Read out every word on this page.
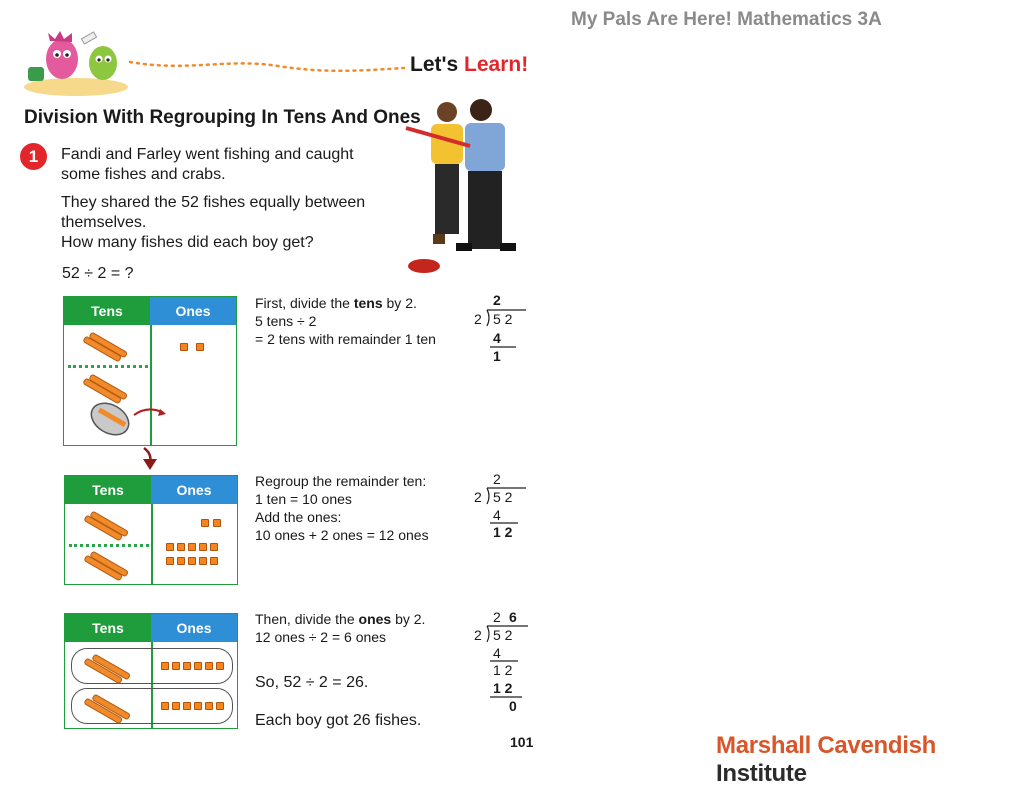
My Pals Are Here! Mathematics 3A
Let's Learn!
Division With Regrouping In Tens And Ones
1	Fandi and Farley went fishing and caught
some fishes and crabs.
They shared the 52 fishes equally between
themselves.
How many fishes did each boy get?
52 ÷ 2 = ?
Tens	Ones	First, divide the tens by 2.
5 tens ÷ 2
= 2 tens with remainder 1 ten
2
2 5 2
4
1
Tens	Ones
Regroup the remainder ten:
1 ten = 10 ones
Add the ones:
10 ones + 2 ones = 12 ones
2
2 5 2
4
1 2
Tens	Ones
Then, divide the ones by 2.
12 ones ÷ 2 = 6 ones
So, 52 ÷ 2 = 26.
Each boy got 26 fishes.
2 6
2 5 2
4
1 2
1 2
0
101	Marshall Cavendish Institute
